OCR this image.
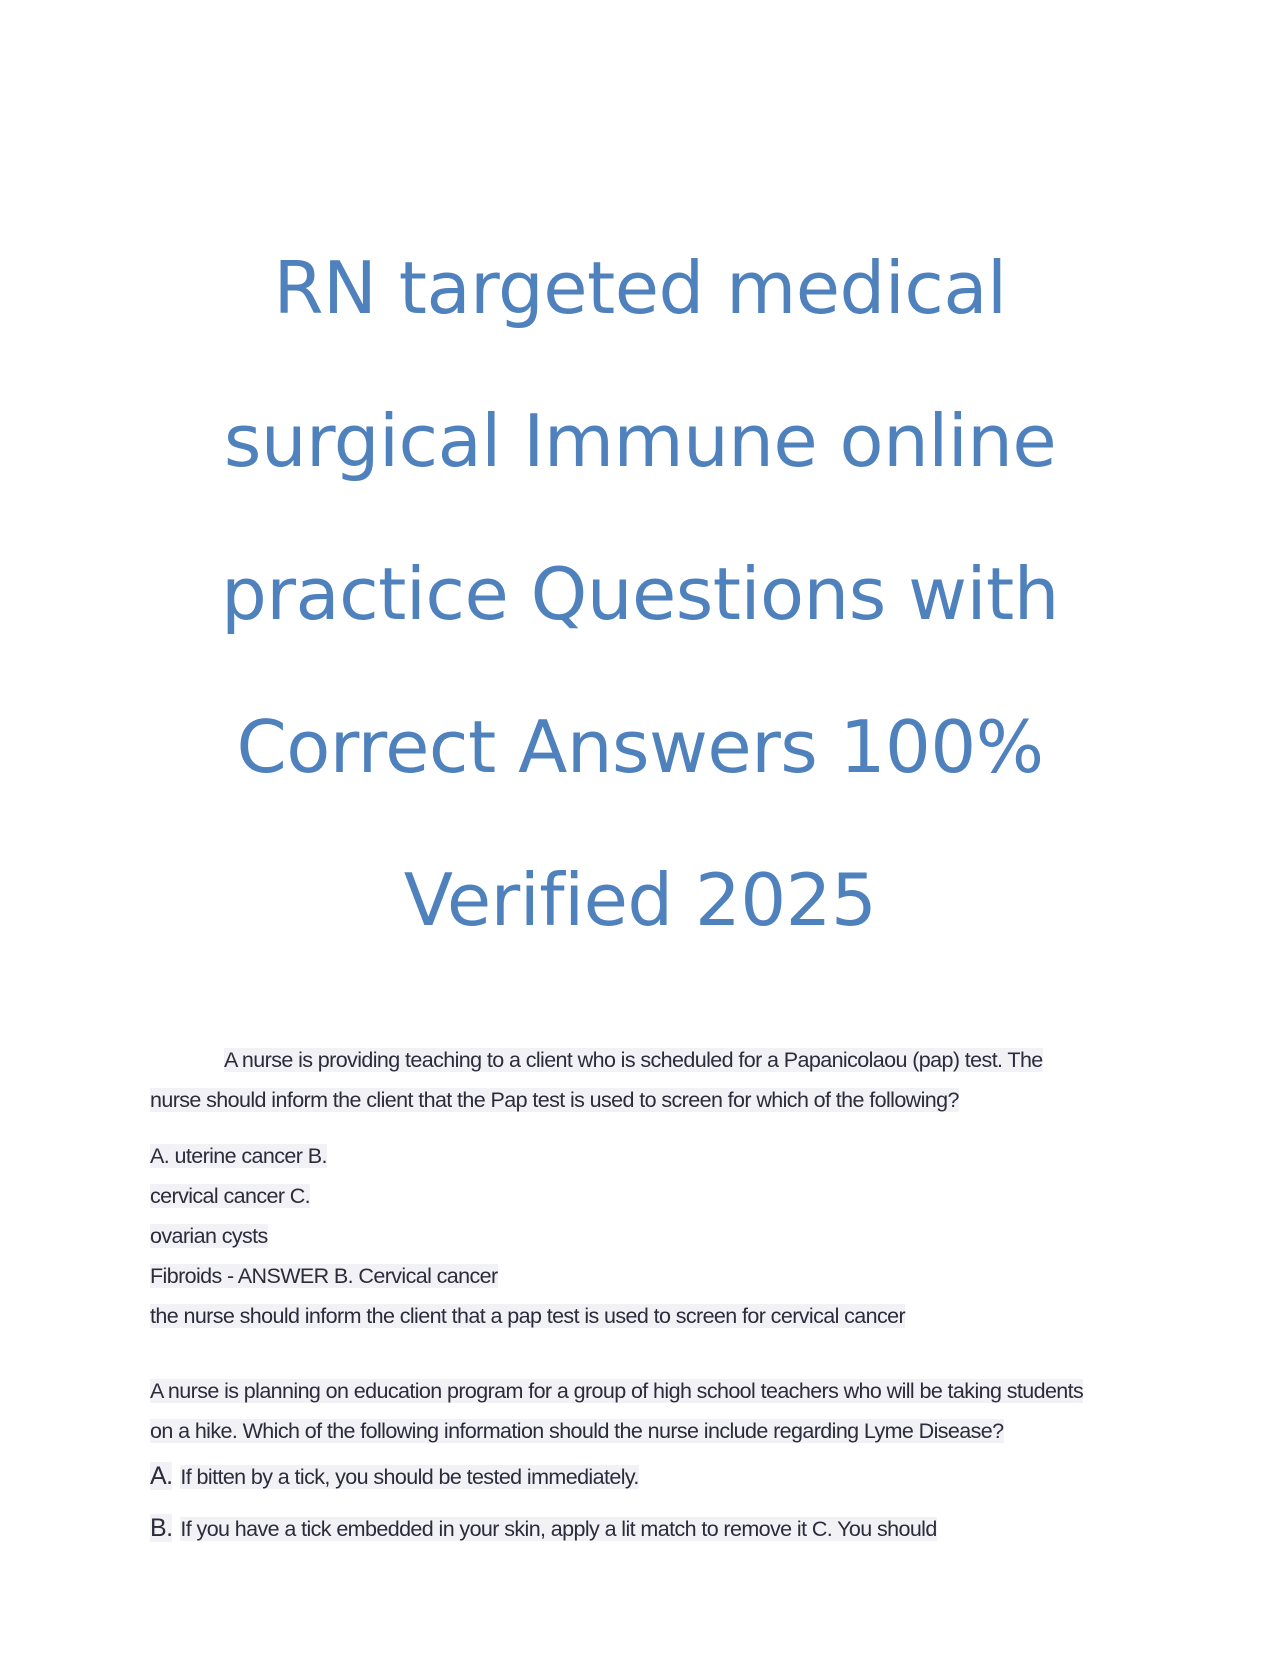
RN targeted medical
surgical Immune online
practice Questions with
Correct Answers 100%
Verified 2025
A nurse is providing teaching to a client who is scheduled for a Papanicolaou (pap) test. The
nurse should inform the client that the Pap test is used to screen for which of the following?
A. uterine cancer B.
cervical cancer C.
ovarian cysts
Fibroids - ANSWER B. Cervical cancer
the nurse should inform the client that a pap test is used to screen for cervical cancer
A nurse is planning on education program for a group of high school teachers who will be taking students
on a hike. Which of the following information should the nurse include regarding Lyme Disease?
A. If bitten by a tick, you should be tested immediately.
B. If you have a tick embedded in your skin, apply a lit match to remove it C. You should
